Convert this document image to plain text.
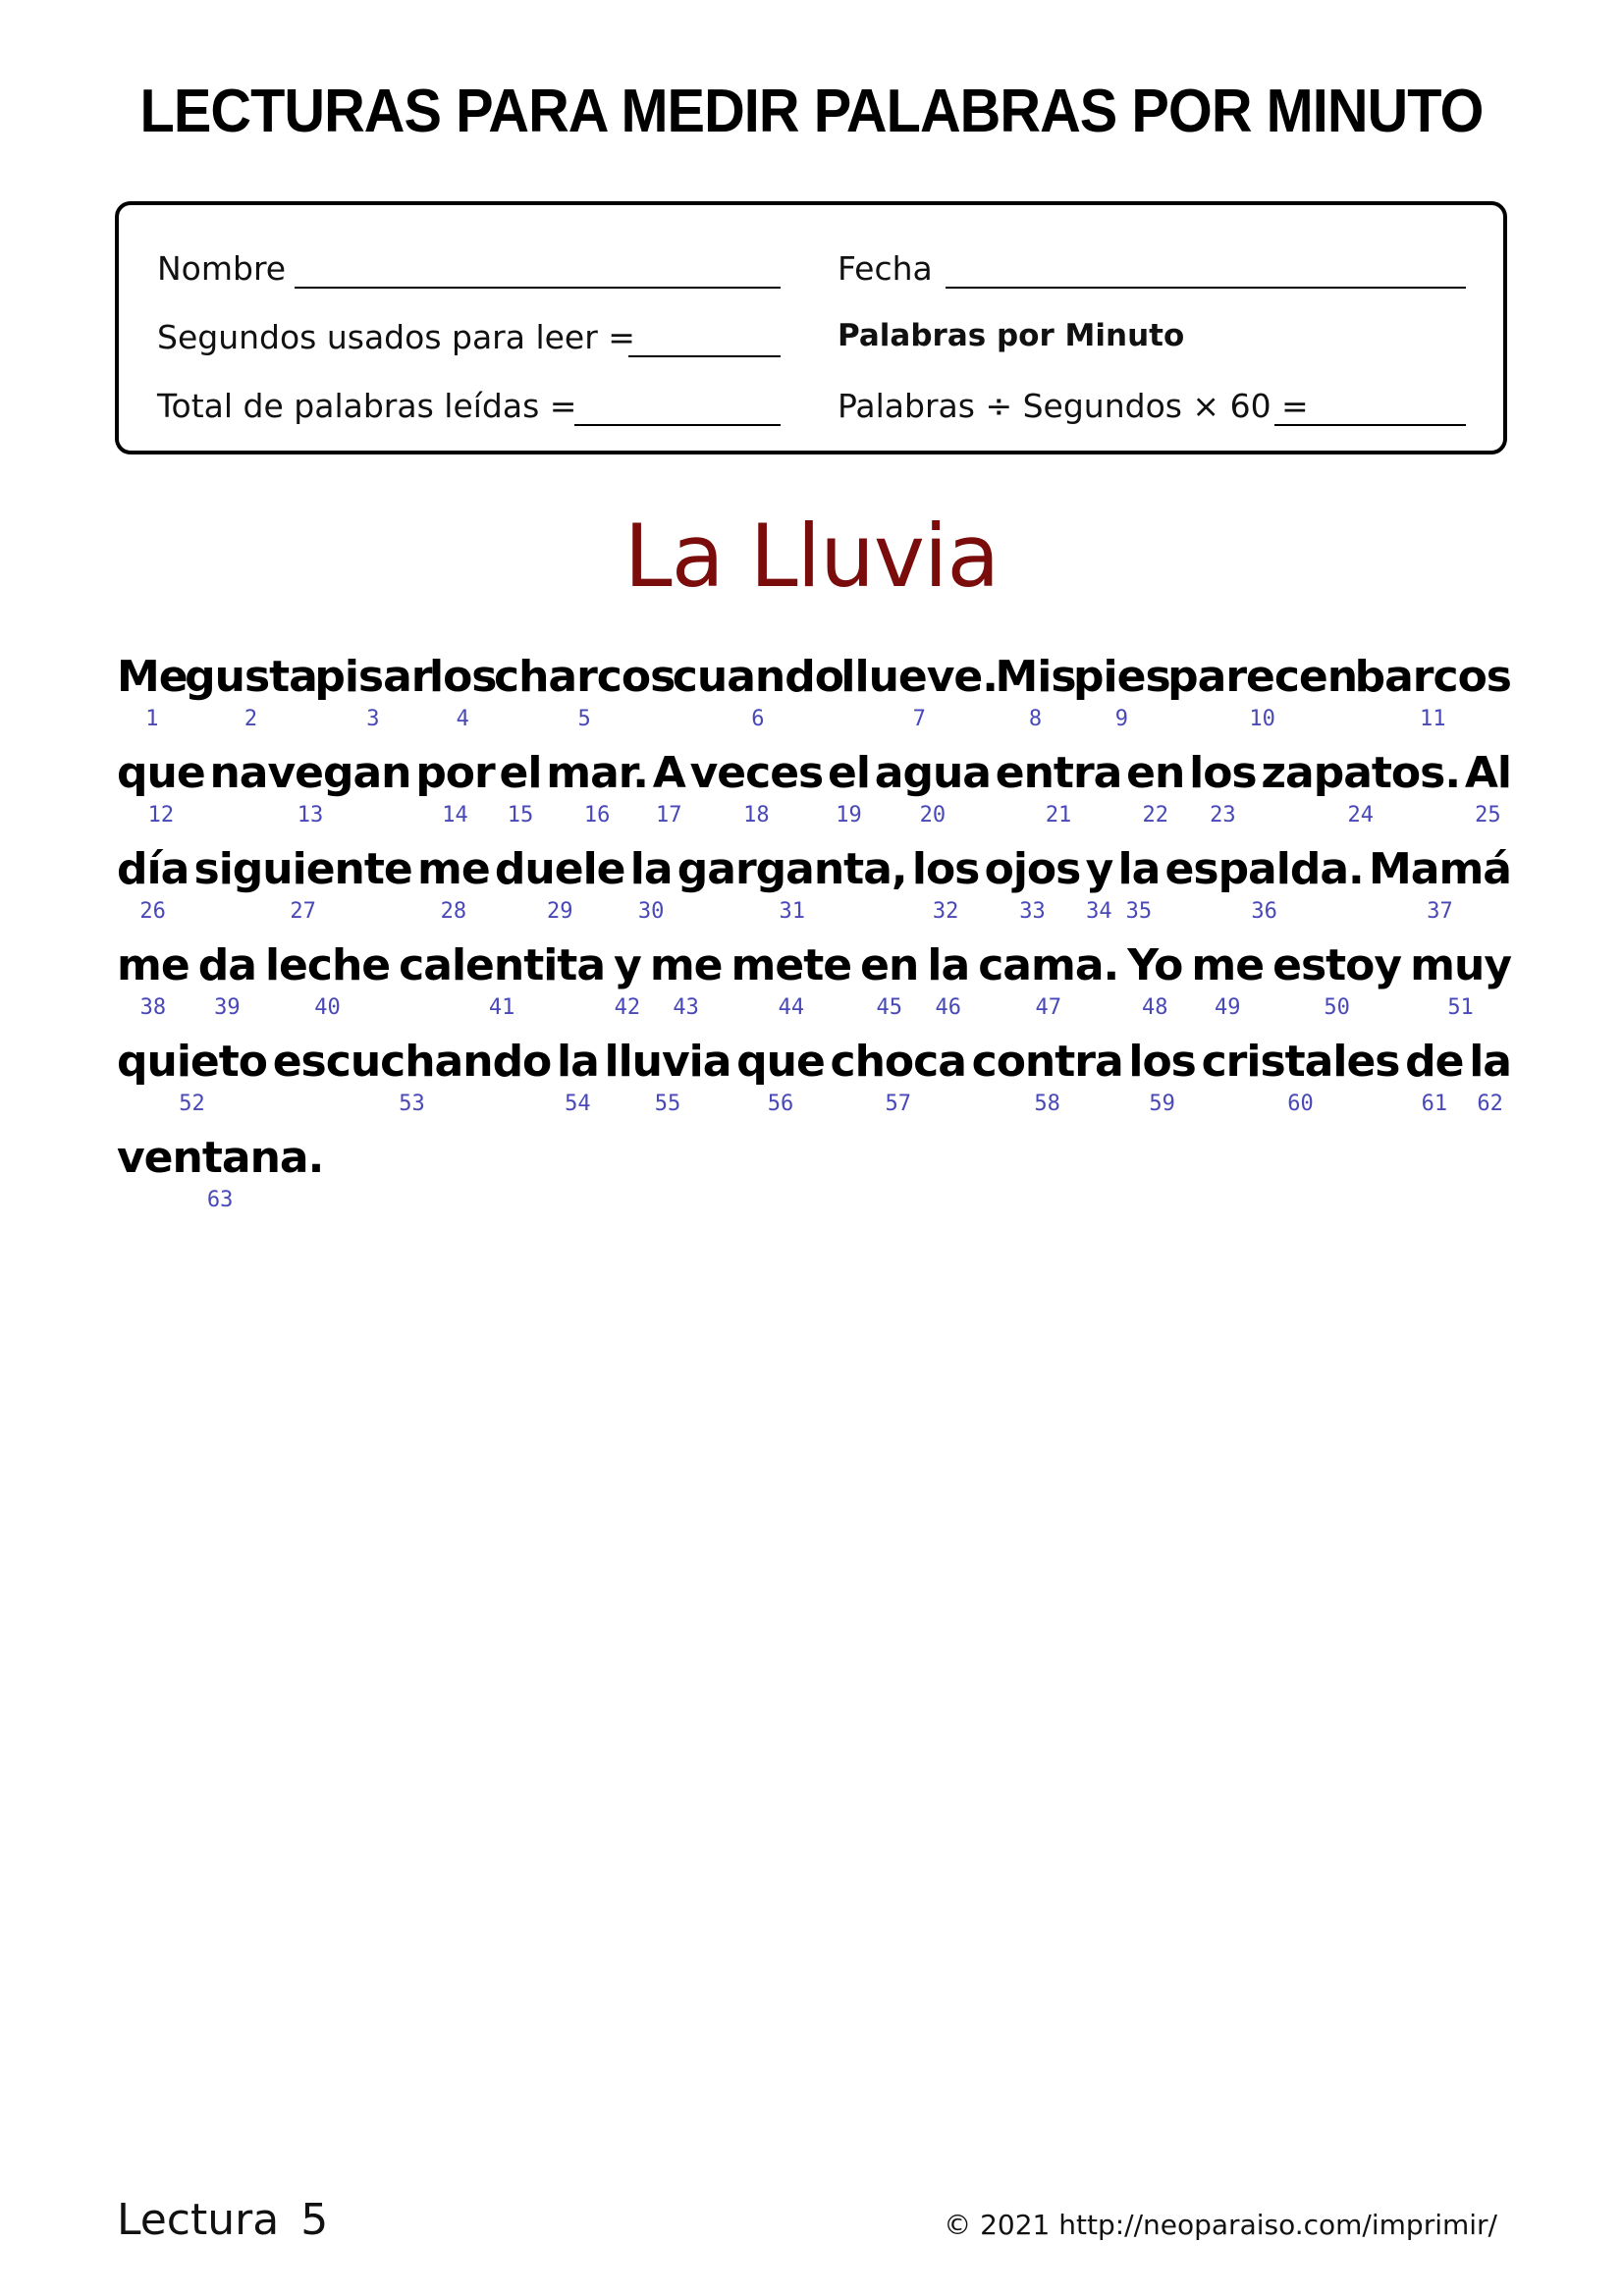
LECTURAS PARA MEDIR PALABRAS POR MINUTO
Nombre	Fecha
Segundos usados para leer =	Palabras por Minuto
Total de palabras leídas =	Palabras ÷ Segundos × 60 =
La Lluvia
Me
gusta
pisar
los
charcos
cuando
llueve.
Mis
pies
parecen
barcos
1	2	3	4	5	6	7	8	9	10	11
que navegan por el mar. A veces el agua entra en los zapatos. Al
12	13	14 15 16 17	18	19	20	21	22 23	24	25
día siguiente me duele la garganta, los ojos y la espalda. Mamá
26	27	28	29	30	31	32	33 34 35	36	37
me da leche calentita y me mete en la cama. Yo me estoy muy
38 39	40	41	42 43	44	45 46	47	48 49	50	51
quieto escuchando la lluvia que choca contra los cristales de la
52	53	54	55	56	57	58	59	60	61 62
ventana.
63
Lectura 5	© 2021 http://neoparaiso.com/imprimir/
